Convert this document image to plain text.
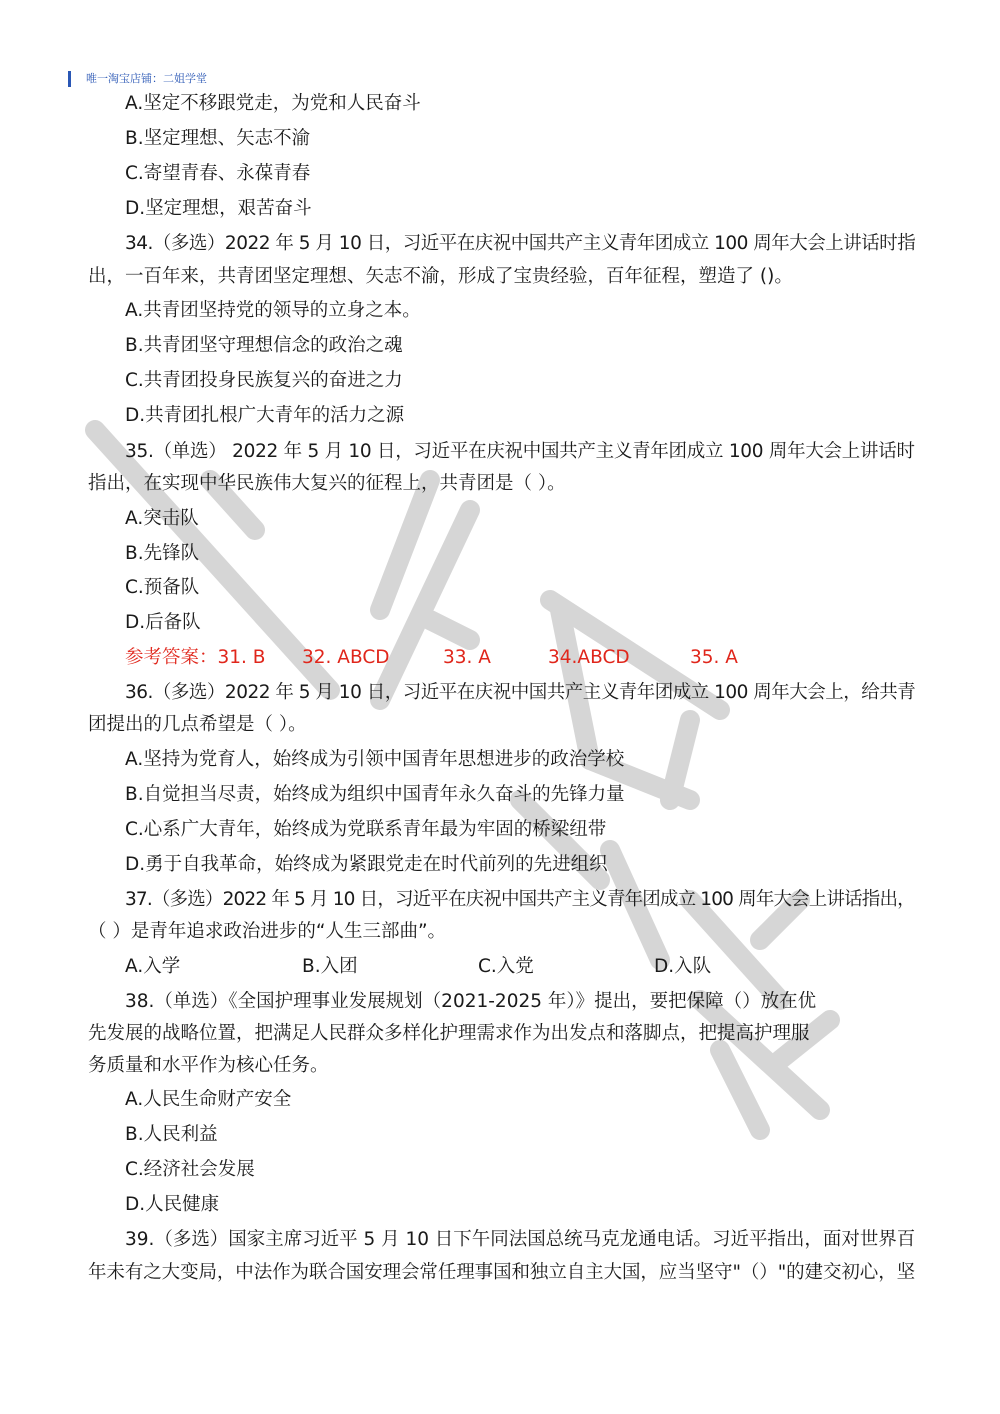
唯一淘宝店铺：二姐学堂
A.坚定不移跟党走，为党和人民奋斗
B.坚定理想、矢志不渝
C.寄望青春、永葆青春
D.坚定理想，艰苦奋斗
34.（多选）2022 年 5 月 10 日，习近平在庆祝中国共产主义青年团成立 100 周年大会上讲话时指
出，一百年来，共青团坚定理想、矢志不渝，形成了宝贵经验，百年征程，塑造了 ()。
A.共青团坚持党的领导的立身之本。
B.共青团坚守理想信念的政治之魂
C.共青团投身民族复兴的奋进之力
D.共青团扎根广大青年的活力之源
35.（单选） 2022 年 5 月 10 日，习近平在庆祝中国共产主义青年团成立 100 周年大会上讲话时
指出，在实现中华民族伟大复兴的征程上，共青团是（ ）。
A.突击队
B.先锋队
C.预备队
D.后备队
参考答案：31. B 32. ABCD	33. A	34.ABCD	35. A
36.（多选）2022 年 5 月 10 日，习近平在庆祝中国共产主义青年团成立 100 周年大会上，给共青
团提出的几点希望是（ ）。
A.坚持为党育人，始终成为引领中国青年思想进步的政治学校
B.自觉担当尽责，始终成为组织中国青年永久奋斗的先锋力量
C.心系广大青年，始终成为党联系青年最为牢固的桥梁纽带
D.勇于自我革命，始终成为紧跟党走在时代前列的先进组织
37.（多选）2022 年 5 月 10 日，习近平在庆祝中国共产主义青年团成立 100 周年大会上讲话指出，
（ ）是青年追求政治进步的“人生三部曲”。
A.入学	B.入团	C.入党	D.入队
38.（单选）《全国护理事业发展规划（2021-2025 年）》提出，要把保障（）放在优
先发展的战略位置，把满足人民群众多样化护理需求作为出发点和落脚点，把提高护理服
务质量和水平作为核心任务。
A.人民生命财产安全
B.人民利益
C.经济社会发展
D.人民健康
39.（多选）国家主席习近平 5 月 10 日下午同法国总统马克龙通电话。习近平指出，面对世界百
年未有之大变局，中法作为联合国安理会常任理事国和独立自主大国，应当坚守"（）"的建交初心，坚
